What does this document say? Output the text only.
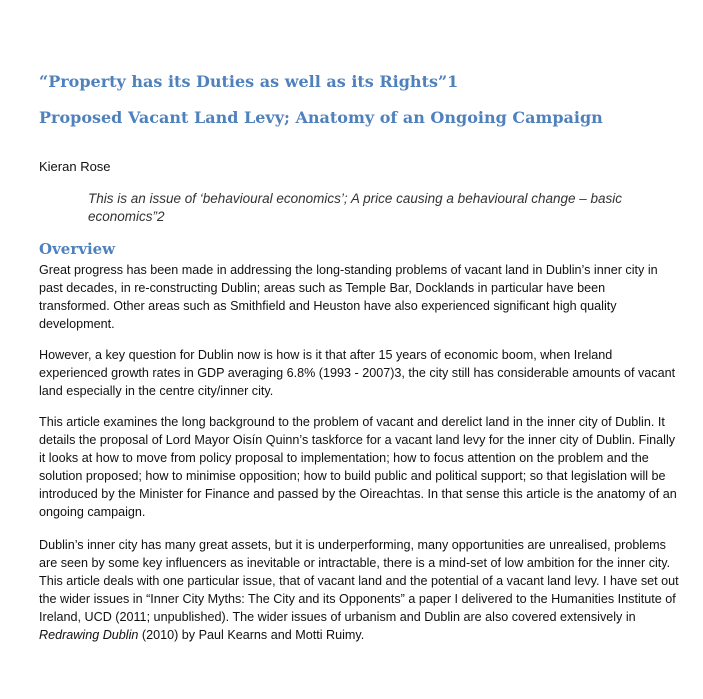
“Property has its Duties as well as its Rights”1
Proposed Vacant Land Levy; Anatomy of an Ongoing Campaign

Kieran Rose

This is an issue of ‘behavioural economics’; A price causing a behavioural change – basic economics”2

Overview

Great progress has been made in addressing the long-standing problems of vacant land in Dublin’s inner city in past decades, in re-constructing Dublin; areas such as Temple Bar, Docklands in particular have been transformed. Other areas such as Smithfield and Heuston have also experienced significant high quality development.

However, a key question for Dublin now is how is it that after 15 years of economic boom, when Ireland experienced growth rates in GDP averaging 6.8% (1993 - 2007)3, the city still has considerable amounts of vacant land especially in the centre city/inner city.

This article examines the long background to the problem of vacant and derelict land in the inner city of Dublin. It details the proposal of Lord Mayor Oisín Quinn’s taskforce for a vacant land levy for the inner city of Dublin. Finally it looks at how to move from policy proposal to implementation; how to focus attention on the problem and the solution proposed; how to minimise opposition; how to build public and political support; so that legislation will be introduced by the Minister for Finance and passed by the Oireachtas. In that sense this article is the anatomy of an ongoing campaign.

Dublin’s inner city has many great assets, but it is underperforming, many opportunities are unrealised, problems are seen by some key influencers as inevitable or intractable, there is a mind-set of low ambition for the inner city. This article deals with one particular issue, that of vacant land and the potential of a vacant land levy. I have set out the wider issues in “Inner City Myths: The City and its Opponents” a paper I delivered to the Humanities Institute of Ireland, UCD (2011; unpublished). The wider issues of urbanism and Dublin are also covered extensively in Redrawing Dublin (2010) by Paul Kearns and Motti Ruimy.
